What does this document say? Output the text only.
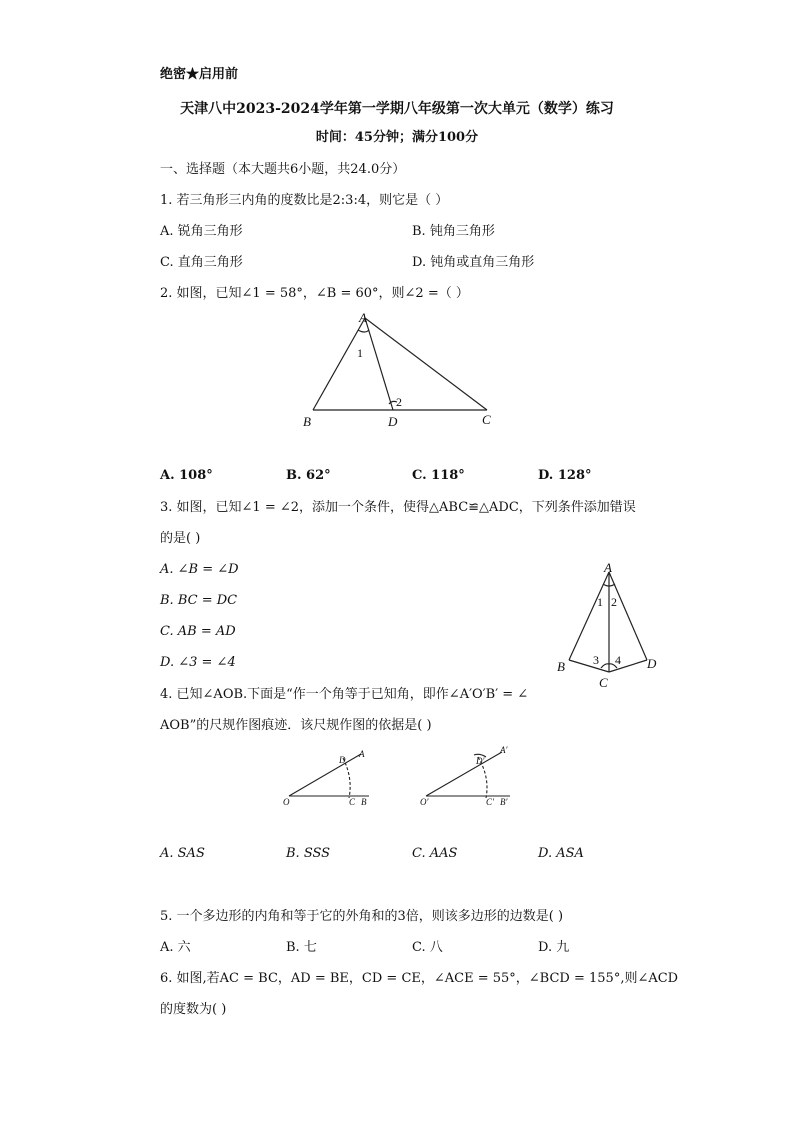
绝密★启用前
天津八中2023-2024学年第一学期八年级第一次大单元（数学）练习
时间：45分钟；满分100分
一、选择题（本大题共6小题，共24.0分）
1. 若三角形三内角的度数比是2:3:4，则它是（ ）
A. 锐角三角形	B. 钝角三角形
C. 直角三角形	D. 钝角或直角三角形
2. 如图，已知∠1 = 58°，∠B = 60°，则∠2 =（ ）
A
B	D	C
1
2
A. 108°	B. 62°	C. 118°	D. 128°
3. 如图，已知∠1 = ∠2，添加一个条件，使得△ABC≌△ADC，下列条件添加错误
的是( )
A. ∠B = ∠D
B. BC = DC
C. AB = AD
D. ∠3 = ∠4
A
B
C
D
1 2
3 4
4. 已知∠AOB.下面是“作一个角等于已知角，即作∠A′O′B′ = ∠
AOB”的尺规作图痕迹．该尺规作图的依据是( )
O
A
D
C B	O′
A′
D′
C′ B′
A. SAS	B. SSS	C. AAS	D. ASA
5. 一个多边形的内角和等于它的外角和的3倍，则该多边形的边数是( )
A. 六	B. 七	C. 八	D. 九
6. 如图,若AC = BC，AD = BE，CD = CE，∠ACE = 55°，∠BCD = 155°,则∠ACD
的度数为( )
